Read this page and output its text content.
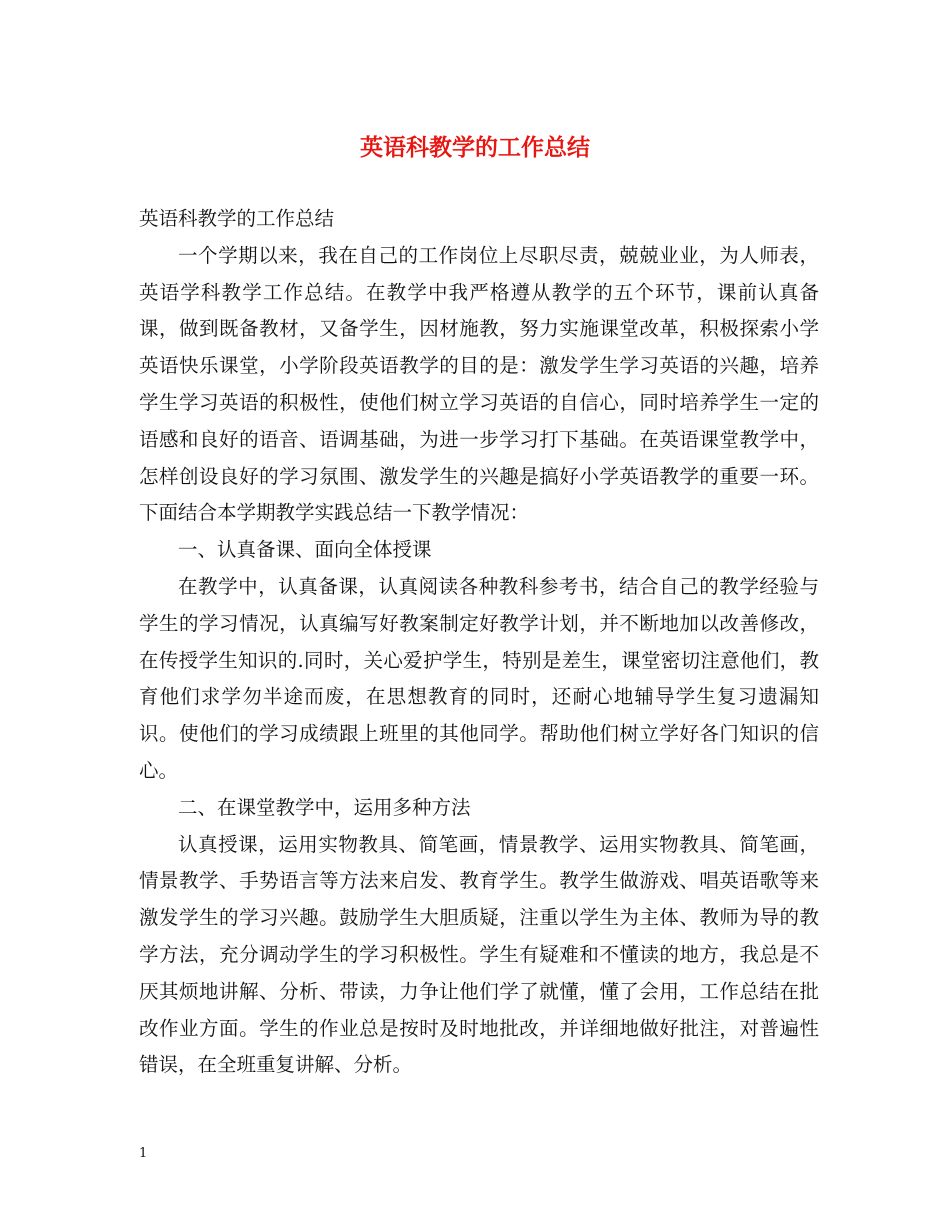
英语科教学的工作总结

英语科教学的工作总结

一个学期以来，我在自己的工作岗位上尽职尽责，兢兢业业，为人师表，英语学科教学工作总结。在教学中我严格遵从教学的五个环节，课前认真备课，做到既备教材，又备学生，因材施教，努力实施课堂改革，积极探索小学英语快乐课堂，小学阶段英语教学的目的是：激发学生学习英语的兴趣，培养学生学习英语的积极性，使他们树立学习英语的自信心，同时培养学生一定的语感和良好的语音、语调基础，为进一步学习打下基础。在英语课堂教学中，怎样创设良好的学习氛围、激发学生的兴趣是搞好小学英语教学的重要一环。下面结合本学期教学实践总结一下教学情况：

一、认真备课、面向全体授课

在教学中，认真备课，认真阅读各种教科参考书，结合自己的教学经验与学生的学习情况，认真编写好教案制定好教学计划，并不断地加以改善修改，在传授学生知识的.同时，关心爱护学生，特别是差生，课堂密切注意他们，教育他们求学勿半途而废，在思想教育的同时，还耐心地辅导学生复习遗漏知识。使他们的学习成绩跟上班里的其他同学。帮助他们树立学好各门知识的信心。

二、在课堂教学中，运用多种方法

认真授课，运用实物教具、简笔画，情景教学、运用实物教具、简笔画，情景教学、手势语言等方法来启发、教育学生。教学生做游戏、唱英语歌等来激发学生的学习兴趣。鼓励学生大胆质疑，注重以学生为主体、教师为导的教学方法，充分调动学生的学习积极性。学生有疑难和不懂读的地方，我总是不厌其烦地讲解、分析、带读，力争让他们学了就懂，懂了会用，工作总结在批改作业方面。学生的作业总是按时及时地批改，并详细地做好批注，对普遍性错误，在全班重复讲解、分析。

1
